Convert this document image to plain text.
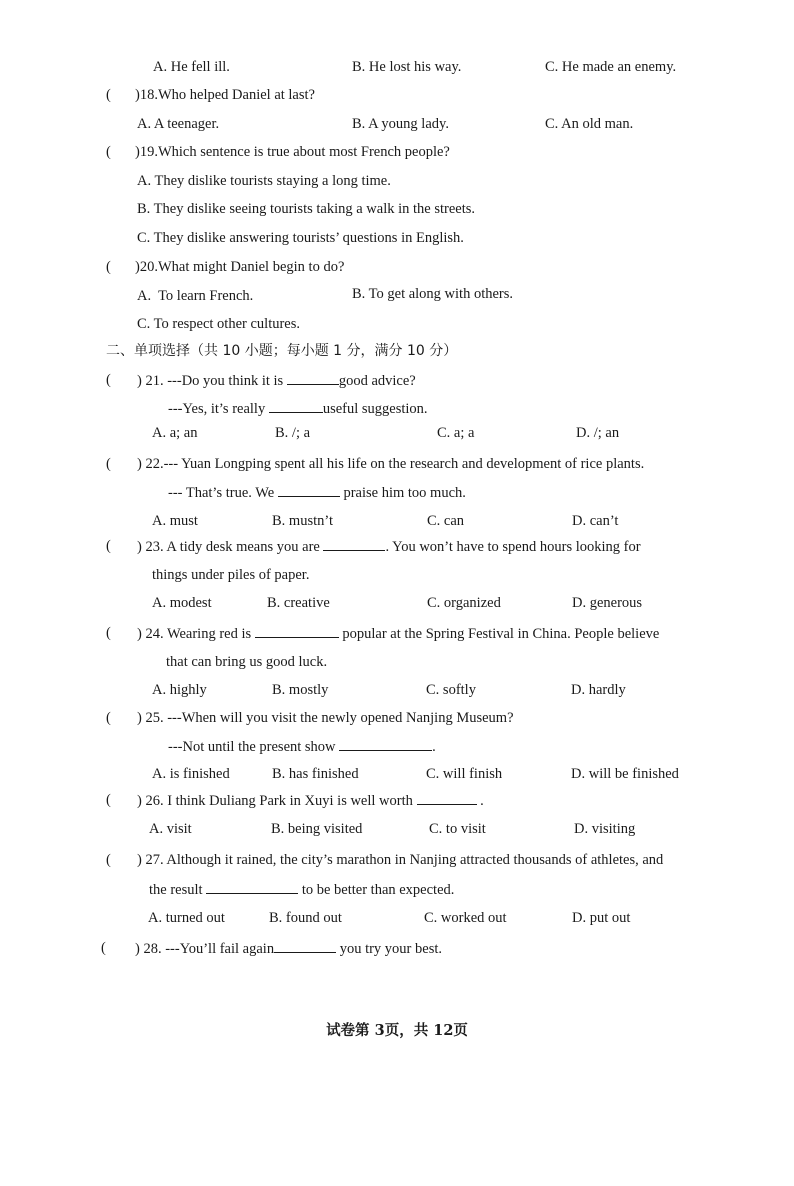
A. He fell ill.	B. He lost his way.	C. He made an enemy.
( )18.Who helped Daniel at last?
A. A teenager.	B. A young lady.	C. An old man.
( )19.Which sentence is true about most French people?
A. They dislike tourists staying a long time.
B. They dislike seeing tourists taking a walk in the streets.
C. They dislike answering tourists’ questions in English.
( )20.What might Daniel begin to do?
A.  To learn French.	B. To get along with others.
C. To respect other cultures.
二、单项选择（共 10 小题；每小题 1 分，满分 10 分）
( ) 21. ---Do you think it is	good advice?
---Yes, it’s really	useful suggestion.
A. a; an	B. /; a	C. a; a	D. /; an
( ) 22.--- Yuan Longping spent all his life on the research and development of rice plants.
--- That’s true. We	praise him too much.
A. must	B. mustn’t	C. can	D. can’t
( ) 23. A tidy desk means you are	. You won’t have to spend hours looking for
things under piles of paper.
A. modest	B. creative	C. organized	D. generous
( ) 24. Wearing red is	popular at the Spring Festival in China. People believe
that can bring us good luck.
A. highly	B. mostly	C. softly	D. hardly
( ) 25. ---When will you visit the newly opened Nanjing Museum?
---Not until the present show	.
A. is finished	B. has finished	C. will finish	D. will be finished
( ) 26. I think Duliang Park in Xuyi is well worth	.
A. visit	B. being visited	C. to visit	D. visiting
( ) 27. Although it rained, the city’s marathon in Nanjing attracted thousands of athletes, and
the result	to be better than expected.
A. turned out	B. found out	C. worked out	D. put out
( ) 28. ---You’ll fail again	you try your best.
试卷第 3页，共 12页
